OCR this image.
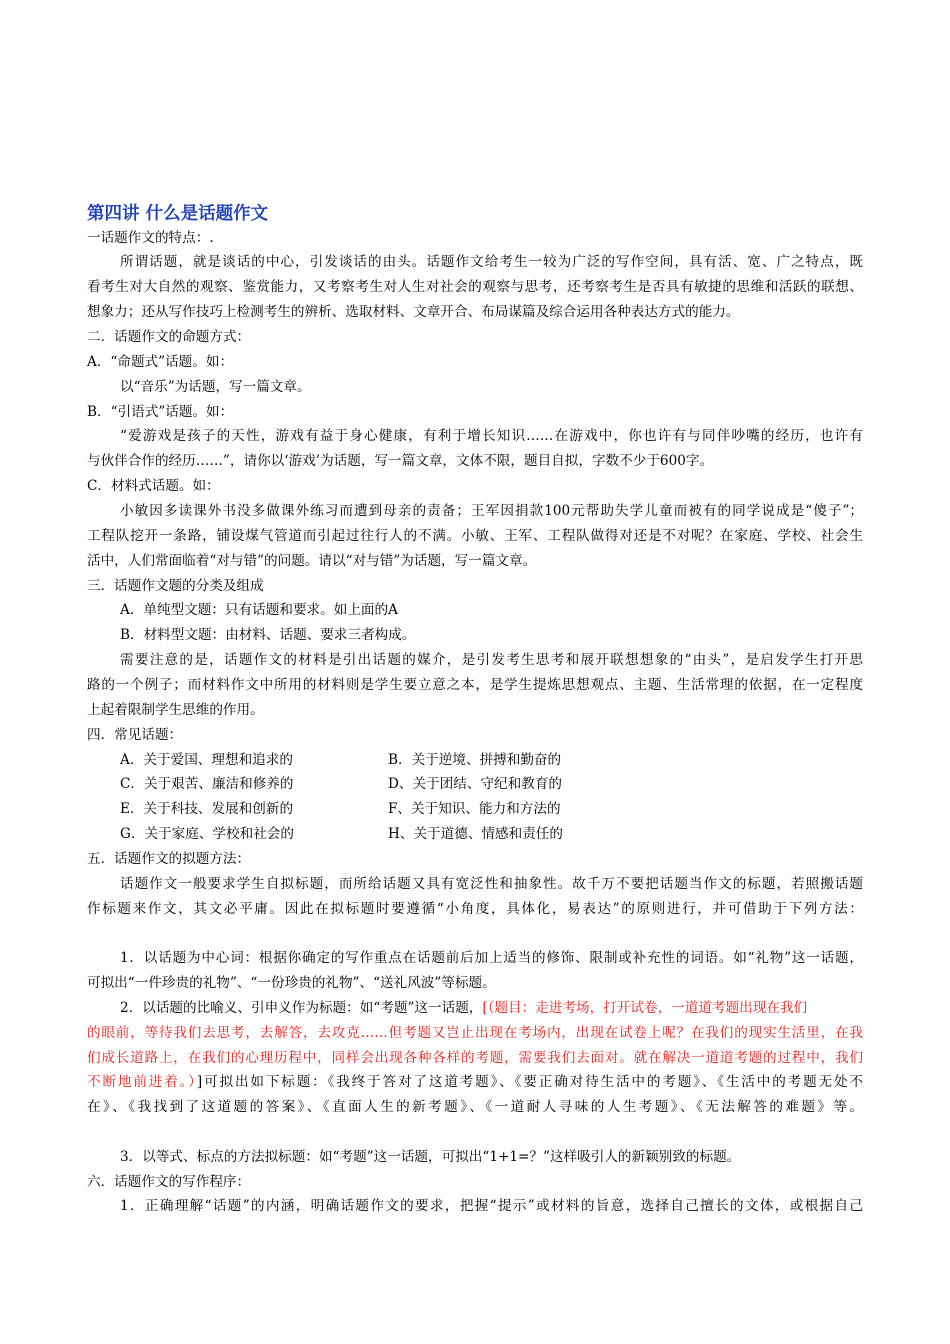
第四讲 什么是话题作文
一话题作文的特点：.
所谓话题，就是谈话的中心，引发谈话的由头。话题作文给考生一较为广泛的写作空间，具有活、宽、广之特点，既
看考生对大自然的观察、鉴赏能力，又考察考生对人生对社会的观察与思考，还考察考生是否具有敏捷的思维和活跃的联想、
想象力；还从写作技巧上检测考生的辨析、选取材料、文章开合、布局谋篇及综合运用各种表达方式的能力。
二．话题作文的命题方式：
A．“命题式”话题。如：
以“音乐”为话题，写一篇文章。
B．“引语式”话题。如：
“爱游戏是孩子的天性，游戏有益于身心健康，有利于增长知识……在游戏中，你也许有与同伴吵嘴的经历，也许有
与伙伴合作的经历……”，请你以‘游戏’为话题，写一篇文章，文体不限，题目自拟，字数不少于600字。
C．材料式话题。如：
小敏因多读课外书没多做课外练习而遭到母亲的责备；王军因捐款100元帮助失学儿童而被有的同学说成是“傻子”；
工程队挖开一条路，铺设煤气管道而引起过往行人的不满。小敏、王军、工程队做得对还是不对呢？在家庭、学校、社会生
活中，人们常面临着“对与错”的问题。请以“对与错”为话题，写一篇文章。
三．话题作文题的分类及组成
A．单纯型文题：只有话题和要求。如上面的A
B．材料型文题：由材料、话题、要求三者构成。
需要注意的是，话题作文的材料是引出话题的媒介，是引发考生思考和展开联想想象的“由头”，是启发学生打开思
路的一个例子；而材料作文中所用的材料则是学生要立意之本，是学生提炼思想观点、主题、生活常理的依据，在一定程度
上起着限制学生思维的作用。
四．常见话题：
A．关于爱国、理想和追求的	B．关于逆境、拼搏和勤奋的
C．关于艰苦、廉洁和修养的	D、关于团结、守纪和教育的
E．关于科技、发展和创新的	F、关于知识、能力和方法的
G．关于家庭、学校和社会的	H、关于道德、情感和责任的
五．话题作文的拟题方法：
话题作文一般要求学生自拟标题，而所给话题又具有宽泛性和抽象性。故千万不要把话题当作文的标题，若照搬话题
作标题来作文，其文必平庸。因此在拟标题时要遵循“小角度，具体化，易表达”的原则进行，并可借助于下列方法：
1．以话题为中心词：根据你确定的写作重点在话题前后加上适当的修饰、限制或补充性的词语。如“礼物”这一话题，
可拟出“一件珍贵的礼物”、“一份珍贵的礼物”、“送礼风波”等标题。
2．以话题的比喻义、引申义作为标题：如“考题”这一话题，[（题目：走进考场，打开试卷，一道道考题出现在我们
的眼前，等待我们去思考，去解答，去攻克……但考题又岂止出现在考场内，出现在试卷上呢？在我们的现实生活里，在我
们成长道路上，在我们的心理历程中，同样会出现各种各样的考题，需要我们去面对。就在解决一道道考题的过程中，我们
不断地前进着。）]可拟出如下标题：《我终于答对了这道考题》、《要正确对待生活中的考题》、《生活中的考题无处不
在》、《我找到了这道题的答案》、《直面人生的新考题》、《一道耐人寻味的人生考题》、《无法解答的难题》等。
3．以等式、标点的方法拟标题：如“考题”这一话题，可拟出“1+1=？”这样吸引人的新颖别致的标题。
六．话题作文的写作程序：
1．正确理解“话题”的内涵，明确话题作文的要求，把握“提示”或材料的旨意，选择自己擅长的文体，或根据自己
